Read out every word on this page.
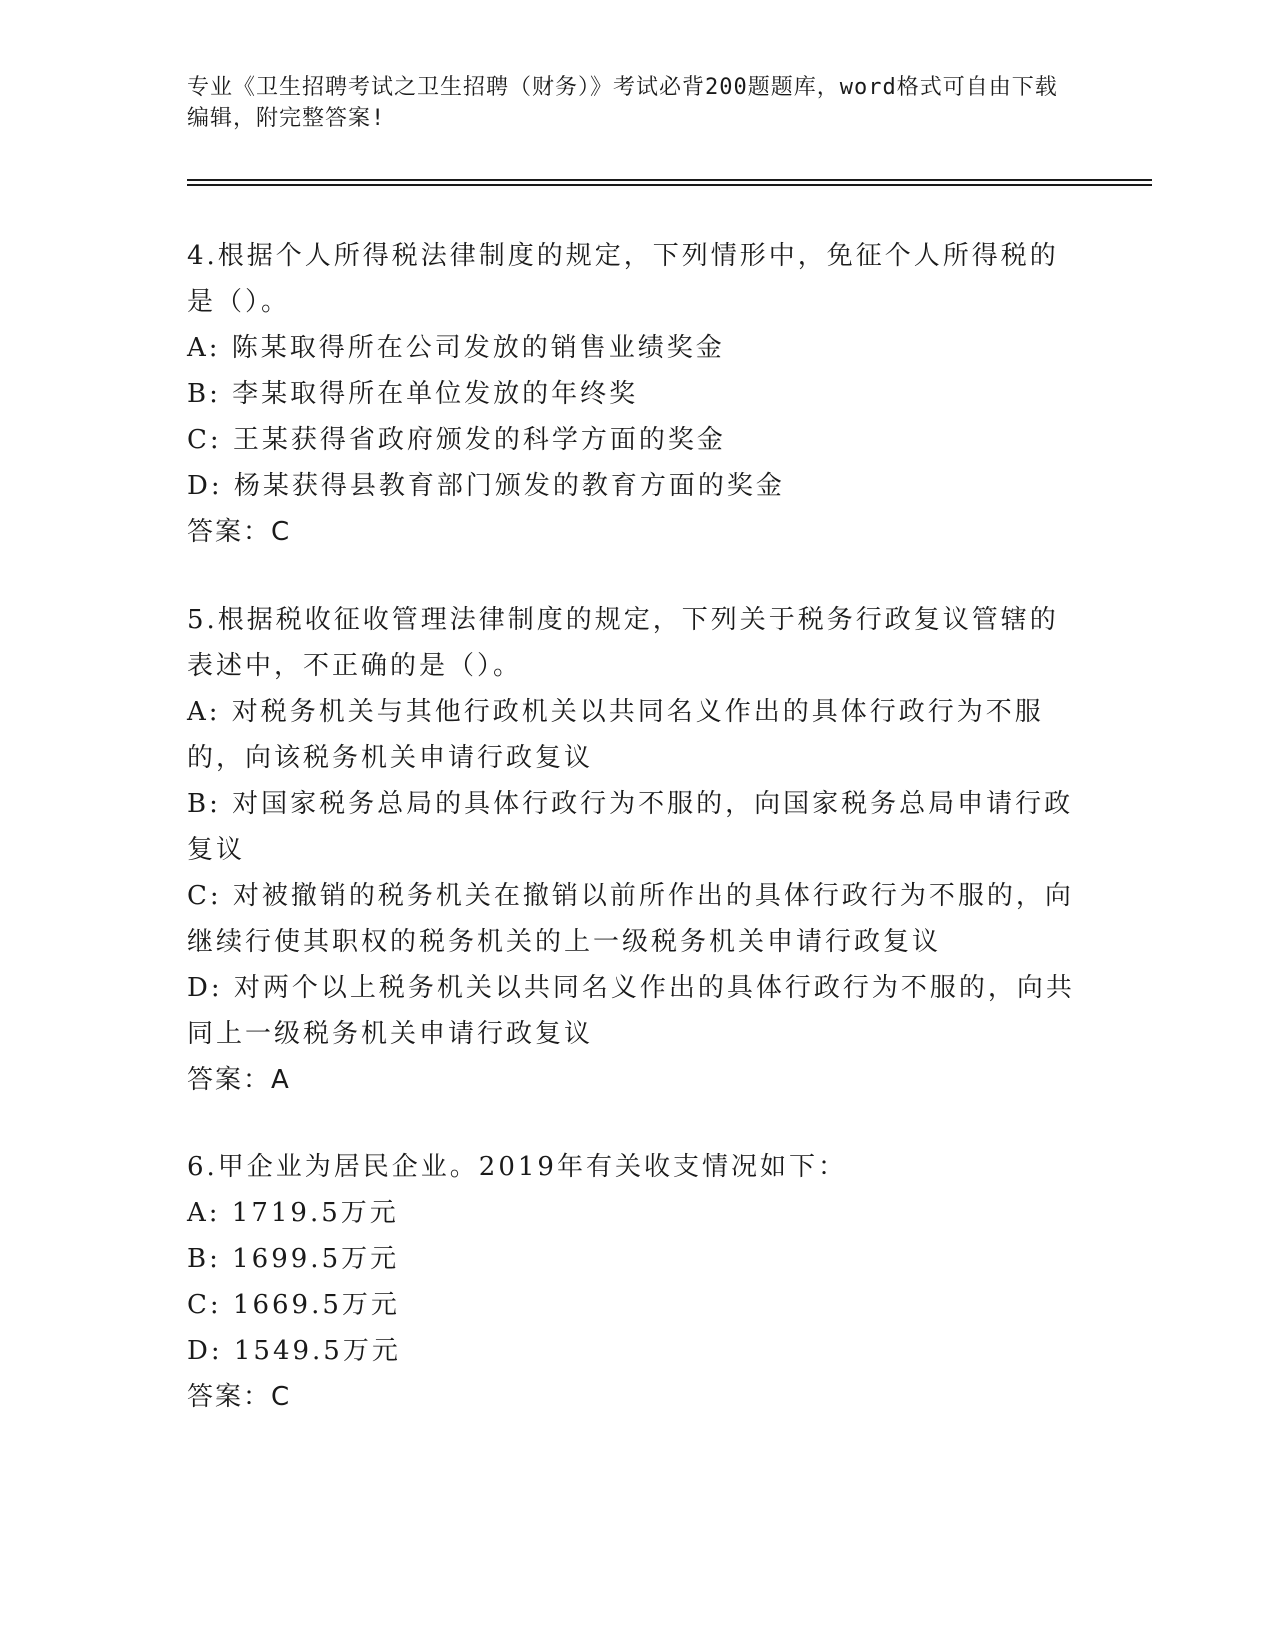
专业《卫生招聘考试之卫生招聘（财务）》考试必背200题题库，word格式可自由下载编辑，附完整答案!

4.根据个人所得税法律制度的规定，下列情形中，免征个人所得税的是（）。

A: 陈某取得所在公司发放的销售业绩奖金

B: 李某取得所在单位发放的年终奖

C: 王某获得省政府颁发的科学方面的奖金

D: 杨某获得县教育部门颁发的教育方面的奖金

答案：C

5.根据税收征收管理法律制度的规定，下列关于税务行政复议管辖的表述中，不正确的是（）。

A: 对税务机关与其他行政机关以共同名义作出的具体行政行为不服的，向该税务机关申请行政复议

B: 对国家税务总局的具体行政行为不服的，向国家税务总局申请行政复议

C: 对被撤销的税务机关在撤销以前所作出的具体行政行为不服的，向继续行使其职权的税务机关的上一级税务机关申请行政复议

D: 对两个以上税务机关以共同名义作出的具体行政行为不服的，向共同上一级税务机关申请行政复议

答案：A

6.甲企业为居民企业。2019年有关收支情况如下：

A: 1719.5万元

B: 1699.5万元

C: 1669.5万元

D: 1549.5万元

答案：C
